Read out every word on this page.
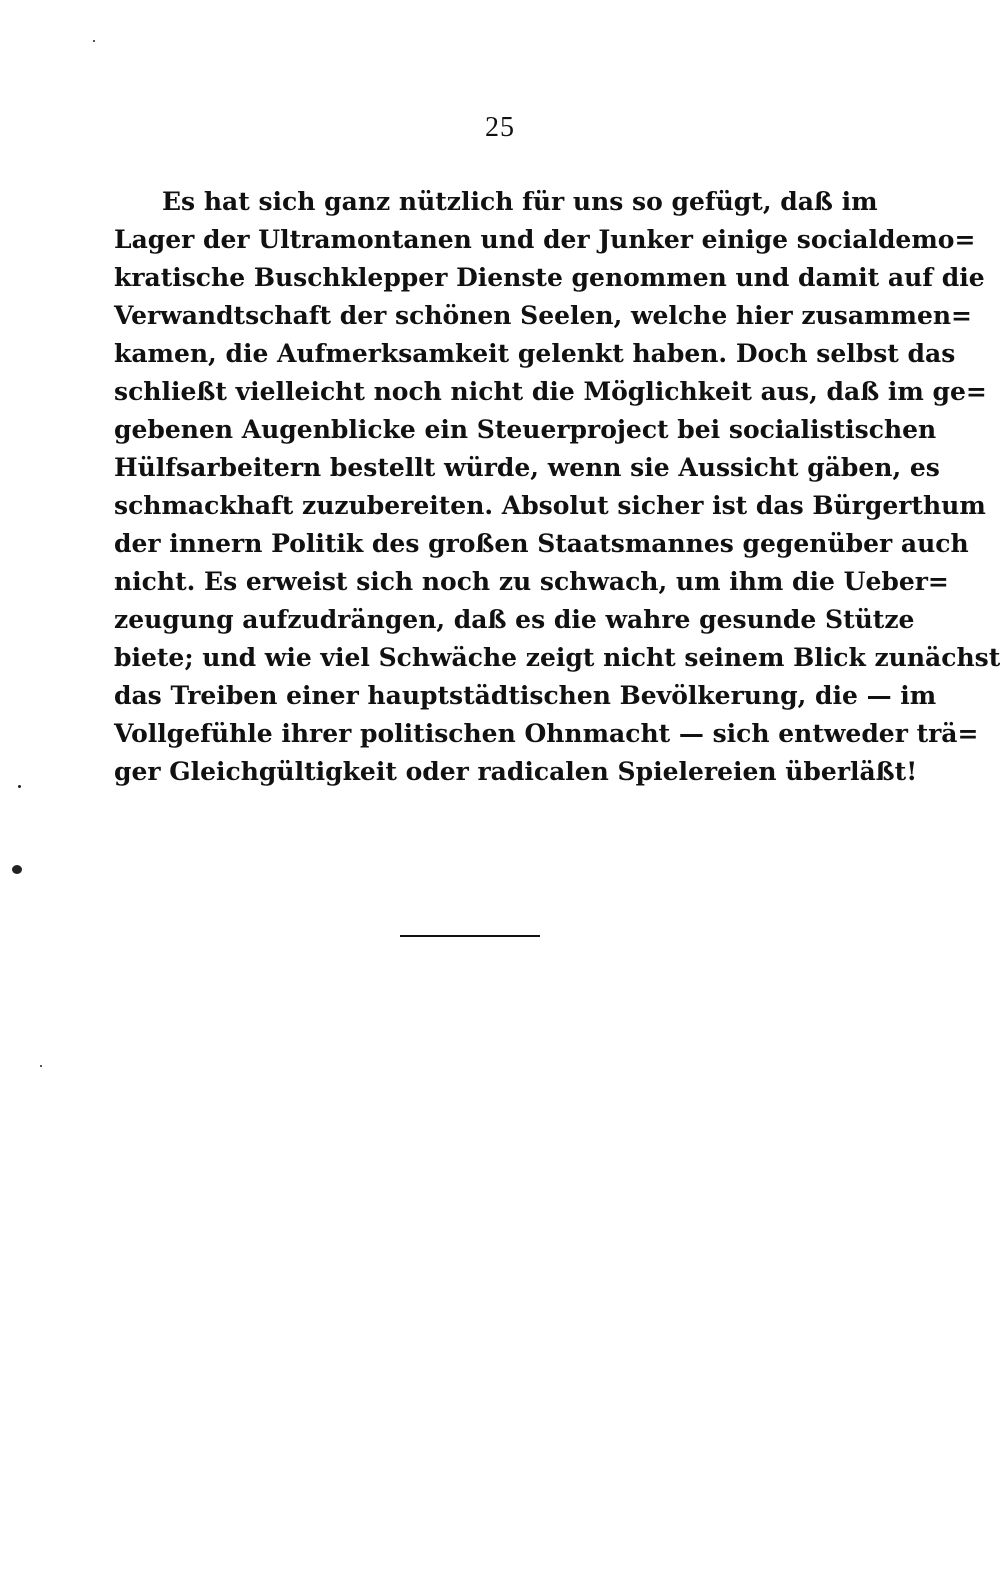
25
Es hat sich ganz nützlich für uns so gefügt, daß im
Lager der Ultramontanen und der Junker einige socialdemo=
kratische Buschklepper Dienste genommen und damit auf die
Verwandtschaft der schönen Seelen, welche hier zusammen=
kamen, die Aufmerksamkeit gelenkt haben. Doch selbst das
schließt vielleicht noch nicht die Möglichkeit aus, daß im ge=
gebenen Augenblicke ein Steuerproject bei socialistischen
Hülfsarbeitern bestellt würde, wenn sie Aussicht gäben, es
schmackhaft zuzubereiten. Absolut sicher ist das Bürgerthum
der innern Politik des großen Staatsmannes gegenüber auch
nicht. Es erweist sich noch zu schwach, um ihm die Ueber=
zeugung aufzudrängen, daß es die wahre gesunde Stütze
biete; und wie viel Schwäche zeigt nicht seinem Blick zunächst
das Treiben einer hauptstädtischen Bevölkerung, die — im
Vollgefühle ihrer politischen Ohnmacht — sich entweder trä=
ger Gleichgültigkeit oder radicalen Spielereien überläßt!
